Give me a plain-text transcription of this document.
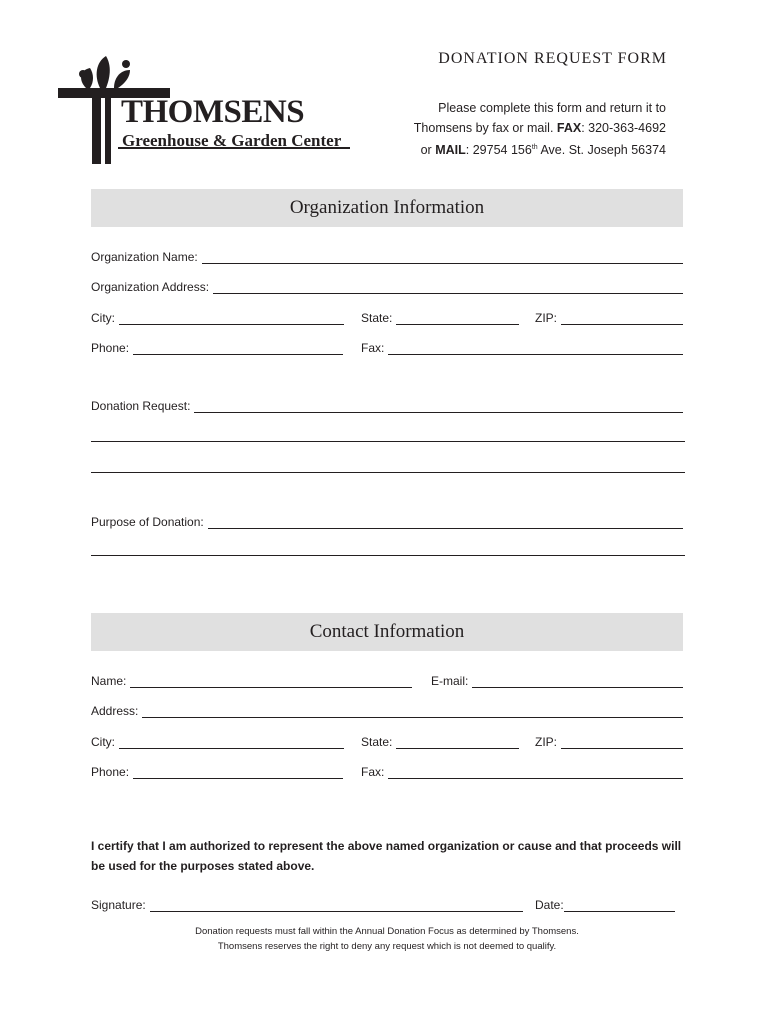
THOMSENS
Greenhouse & Garden Center
DONATION REQUEST FORM
Please complete this form and return it to
Thomsens by fax or mail. FAX: 320-363-4692
or MAIL: 29754 156th Ave. St. Joseph 56374
Organization Information
Organization Name:
Organization Address:
City:	State:	ZIP:
Phone:	Fax:
Donation Request:
Purpose of Donation:
Contact Information
Name:	E-mail:
Address:
City:	State:	ZIP:
Phone:	Fax:
I certify that I am authorized to represent the above named organization or cause and that proceeds will be used for the purposes stated above.
Signature:	Date:
Donation requests must fall within the Annual Donation Focus as determined by Thomsens.
Thomsens reserves the right to deny any request which is not deemed to qualify.
